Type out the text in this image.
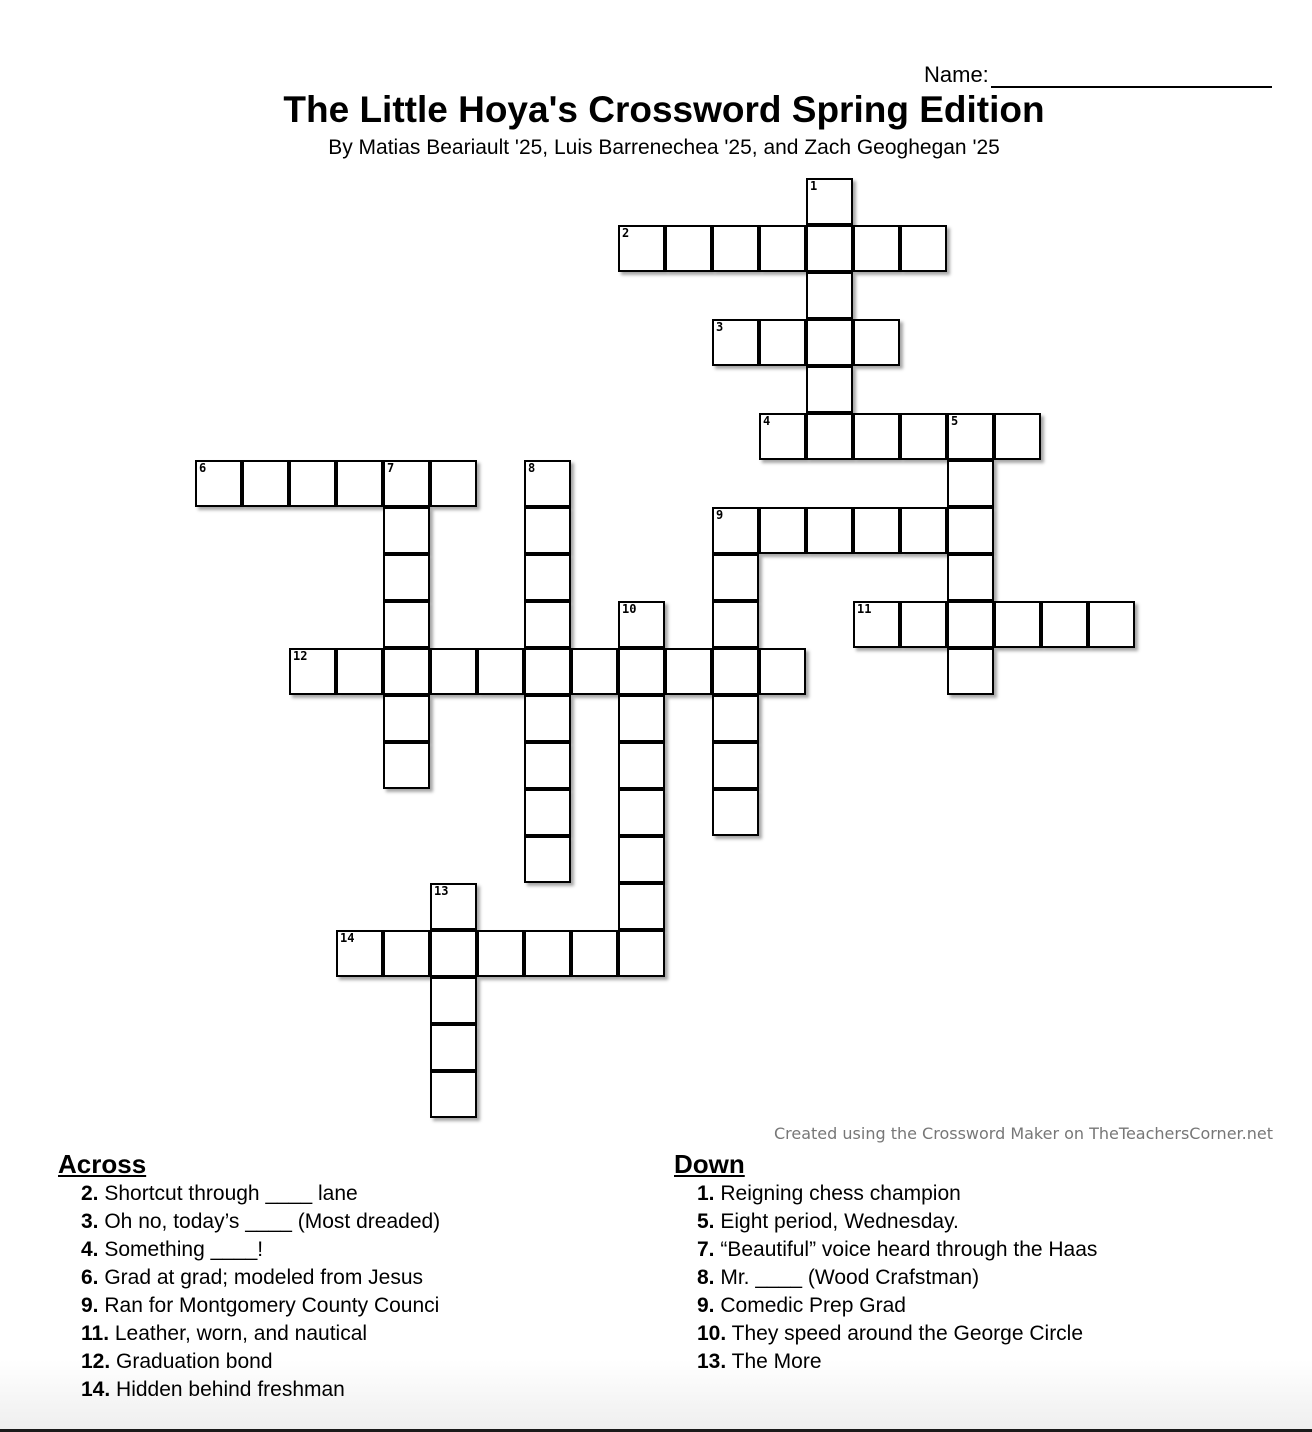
Name:
The Little Hoya's Crossword Spring Edition
By Matias Beariault '25, Luis Barrenechea '25, and Zach Geoghegan '25
1
2
3
4	5
6	7	8
9
10	11
12
13
14
Created using the Crossword Maker on TheTeachersCorner.net
Across
2. Shortcut through ____ lane
3. Oh no, today’s ____ (Most dreaded)
4. Something ____!
6. Grad at grad; modeled from Jesus
9. Ran for Montgomery County Counci
11. Leather, worn, and nautical
12. Graduation bond
14. Hidden behind freshman
Down
1. Reigning chess champion
5. Eight period, Wednesday.
7. “Beautiful” voice heard through the Haas
8. Mr. ____ (Wood Crafstman)
9. Comedic Prep Grad
10. They speed around the George Circle
13. The More
